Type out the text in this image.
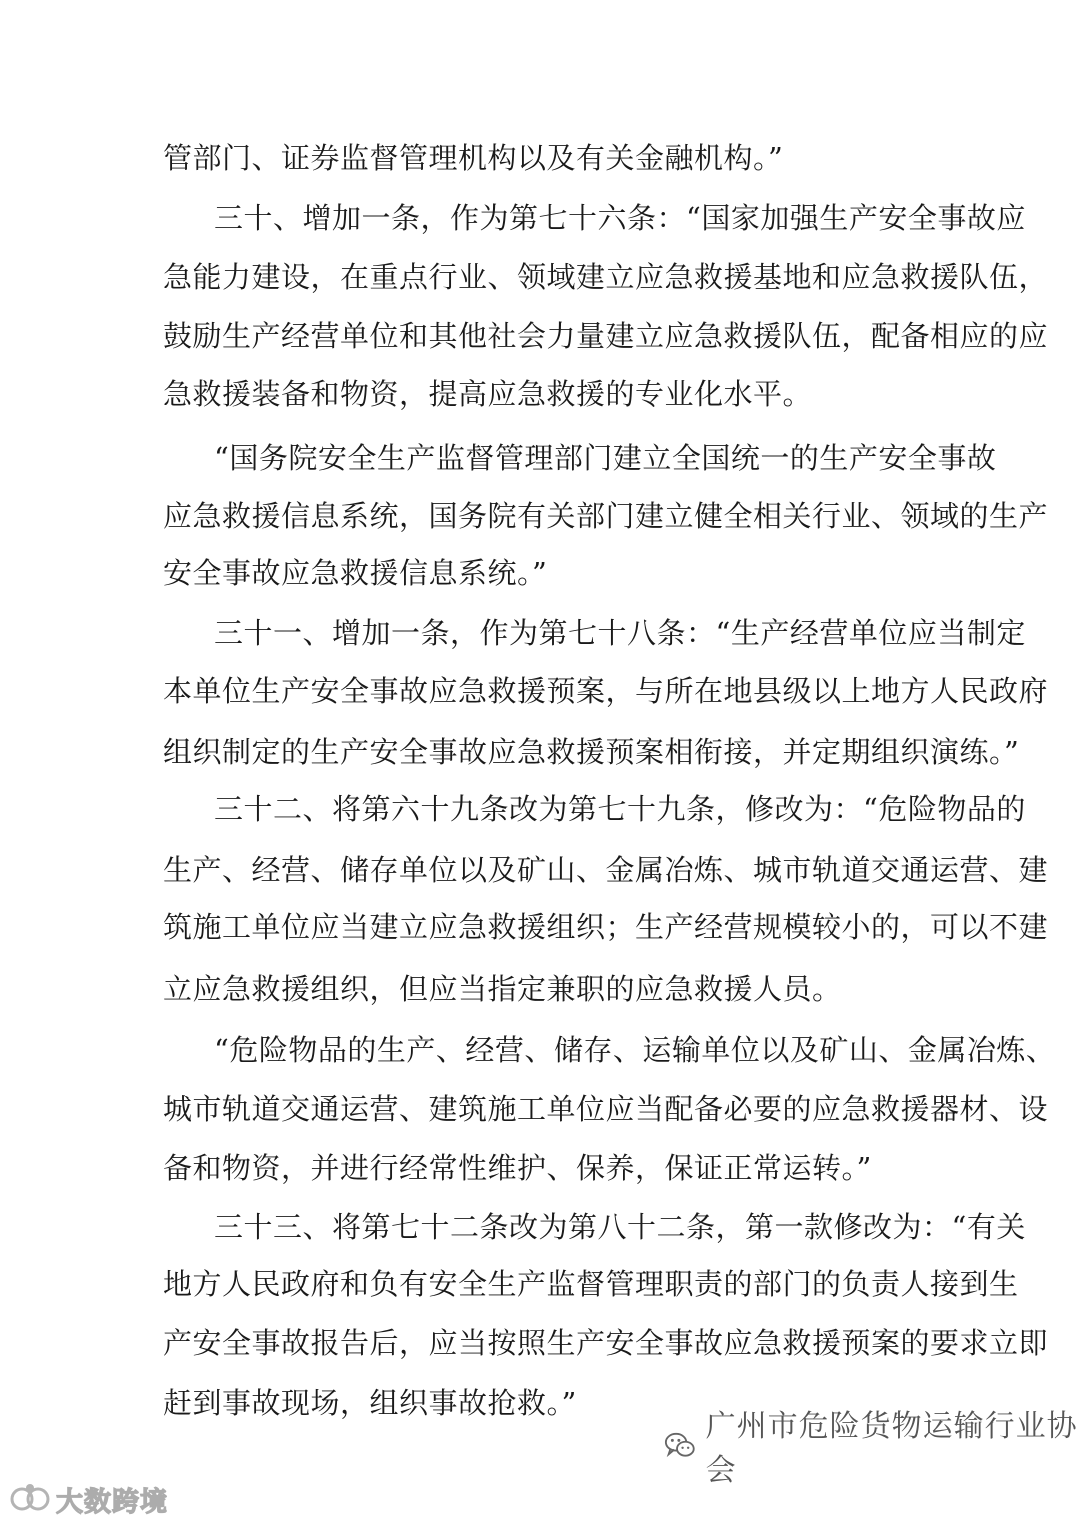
管部门、证券监督管理机构以及有关金融机构。”
三十、增加一条，作为第七十六条：“国家加强生产安全事故应
急能力建设，在重点行业、领域建立应急救援基地和应急救援队伍，
鼓励生产经营单位和其他社会力量建立应急救援队伍，配备相应的应
急救援装备和物资，提高应急救援的专业化水平。
“国务院安全生产监督管理部门建立全国统一的生产安全事故
应急救援信息系统，国务院有关部门建立健全相关行业、领域的生产
安全事故应急救援信息系统。”
三十一、增加一条，作为第七十八条：“生产经营单位应当制定
本单位生产安全事故应急救援预案，与所在地县级以上地方人民政府
组织制定的生产安全事故应急救援预案相衔接，并定期组织演练。”
三十二、将第六十九条改为第七十九条，修改为：“危险物品的
生产、经营、储存单位以及矿山、金属冶炼、城市轨道交通运营、建
筑施工单位应当建立应急救援组织；生产经营规模较小的，可以不建
立应急救援组织，但应当指定兼职的应急救援人员。
“危险物品的生产、经营、储存、运输单位以及矿山、金属冶炼、
城市轨道交通运营、建筑施工单位应当配备必要的应急救援器材、设
备和物资，并进行经常性维护、保养，保证正常运转。”
三十三、将第七十二条改为第八十二条，第一款修改为：“有关
地方人民政府和负有安全生产监督管理职责的部门的负责人接到生
产安全事故报告后，应当按照生产安全事故应急救援预案的要求立即
赶到事故现场，组织事故抢救。”
广州市危险货物运输行业协会
大数跨境
